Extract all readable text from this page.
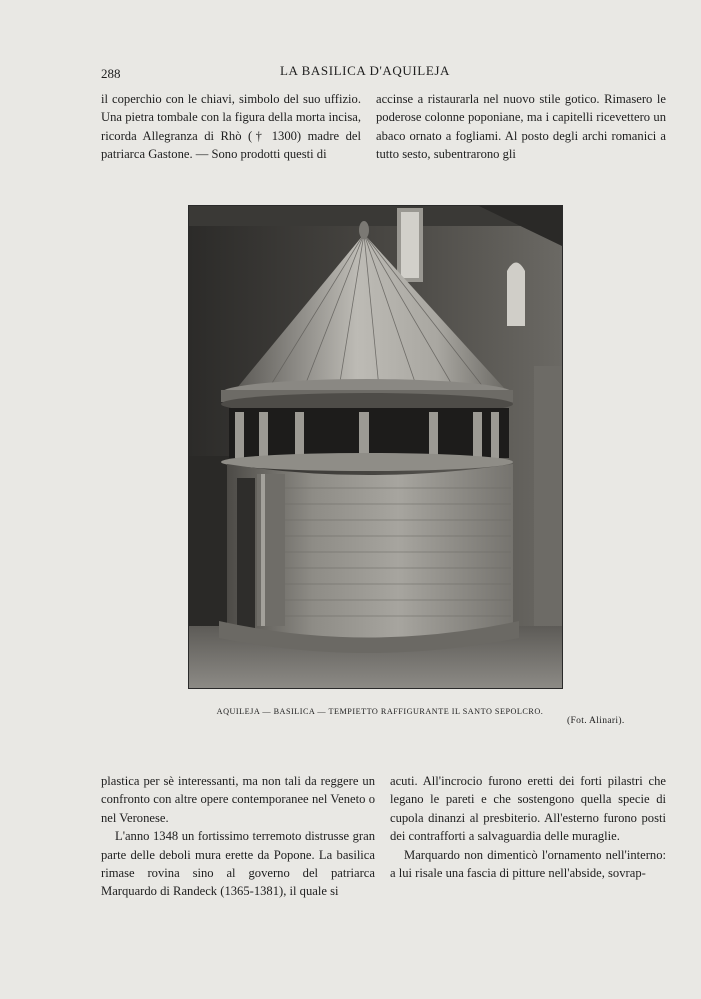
288	LA BASILICA D'AQUILEJA

il coperchio con le chiavi, simbolo del suo uffizio. Una pietra tombale con la figura della morta incisa, ricorda Allegranza di Rhò († 1300) madre del patriarca Gastone. — Sono prodotti questi di

accinse a ristaurarla nel nuovo stile gotico. Rimasero le poderose colonne poponiane, ma i capitelli ricevettero un abaco ornato a fogliami. Al posto degli archi romanici a tutto sesto, subentrarono gli

AQUILEJA — BASILICA — TEMPIETTO RAFFIGURANTE IL SANTO SEPOLCRO.
(Fot. Alinari).

plastica per sè interessanti, ma non tali da reggere un confronto con altre opere contemporanee nel Veneto o nel Veronese.

L'anno 1348 un fortissimo terremoto distrusse gran parte delle deboli mura erette da Popone. La basilica rimase rovina sino al governo del patriarca Marquardo di Randeck (1365-1381), il quale si

acuti. All'incrocio furono eretti dei forti pilastri che legano le pareti e che sostengono quella specie di cupola dinanzi al presbiterio. All'esterno furono posti dei contrafforti a salvaguardia delle muraglie.

Marquardo non dimenticò l'ornamento nell'interno: a lui risale una fascia di pitture nell'abside, sovrap-
